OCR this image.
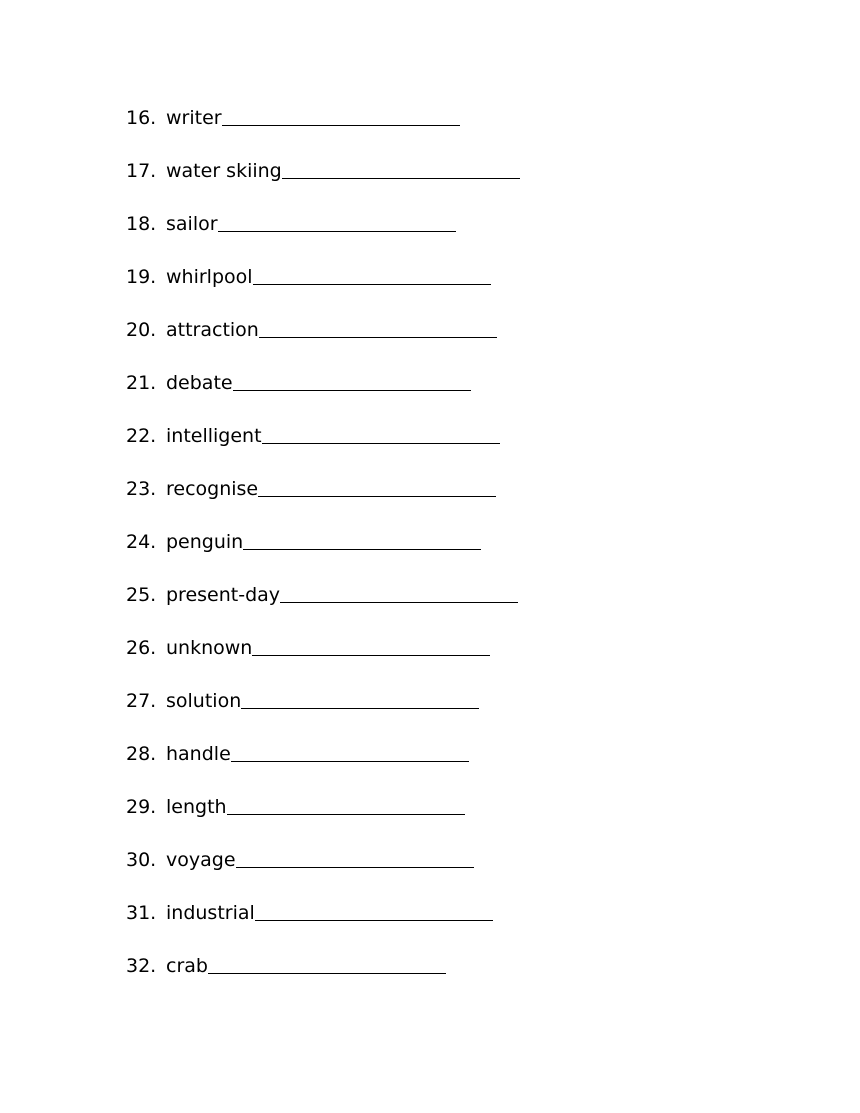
16. writer
17. water skiing
18. sailor
19. whirlpool
20. attraction
21. debate
22. intelligent
23. recognise
24. penguin
25. present-day
26. unknown
27. solution
28. handle
29. length
30. voyage
31. industrial
32. crab
